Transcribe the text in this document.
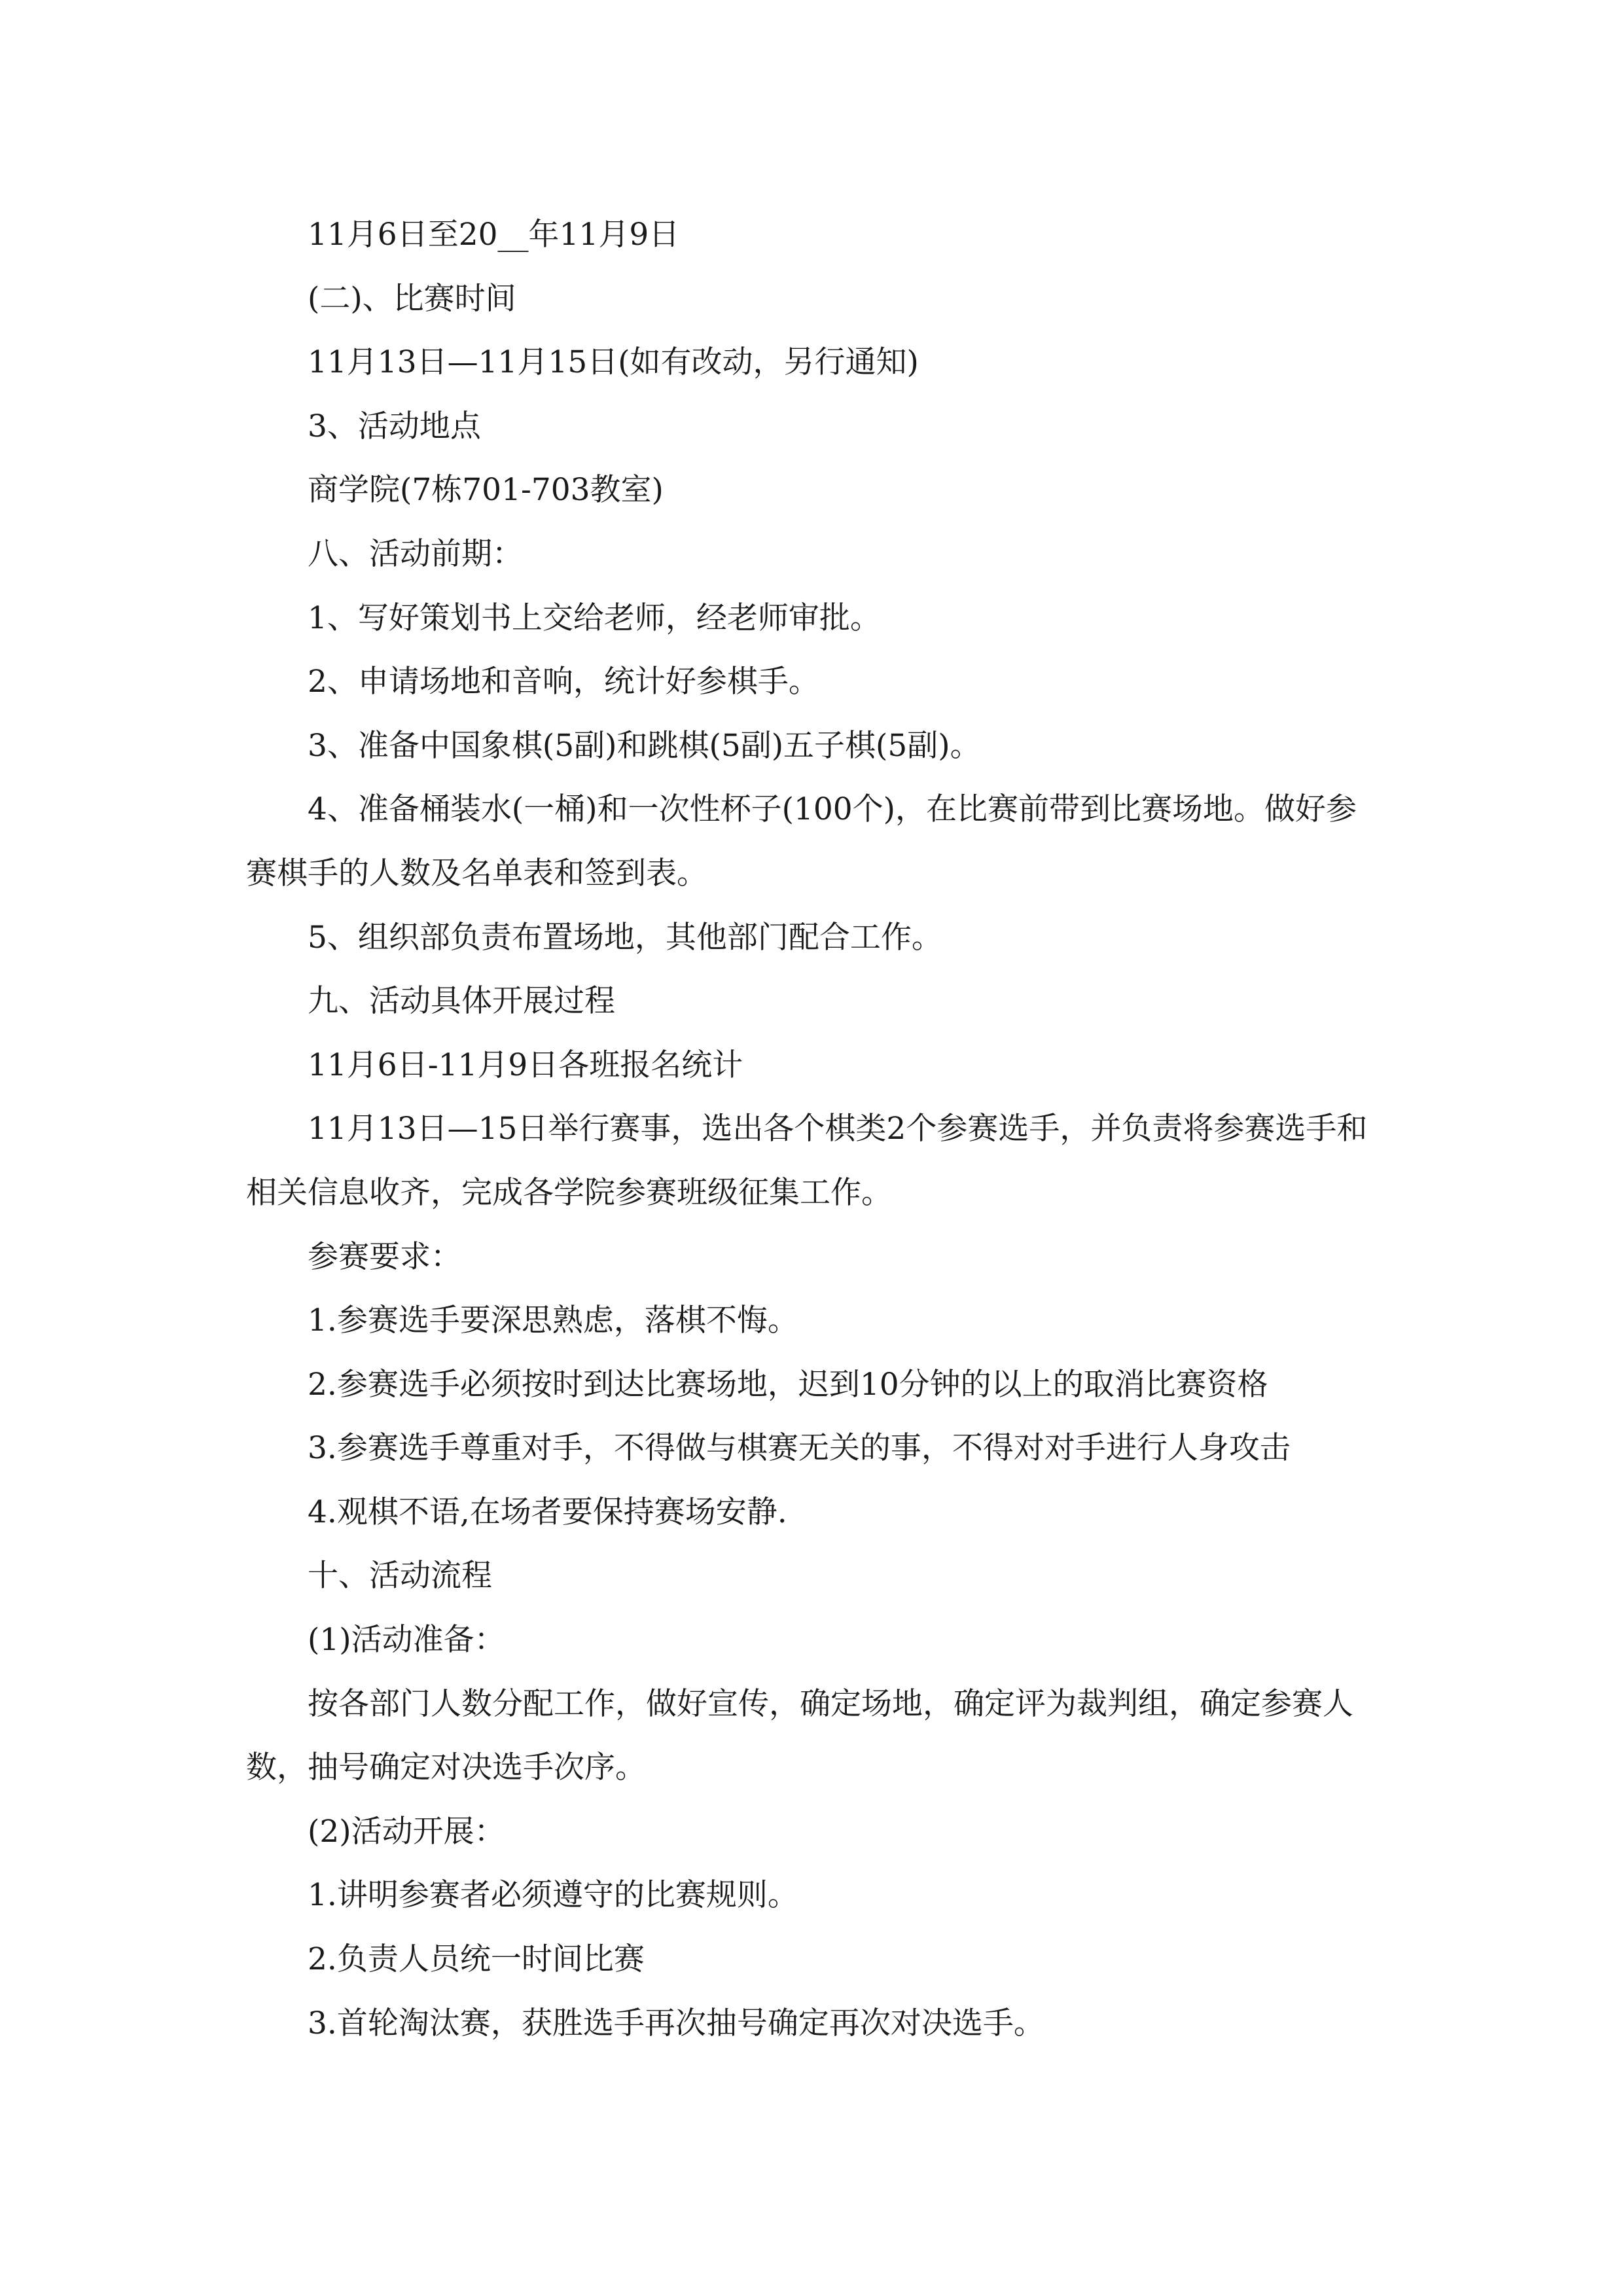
11月6日至20__年11月9日

(二)、比赛时间

11月13日—11月15日(如有改动，另行通知)

3、活动地点

商学院(7栋701-703教室)

八、活动前期：

1、写好策划书上交给老师，经老师审批。

2、申请场地和音响，统计好参棋手。

3、准备中国象棋(5副)和跳棋(5副)五子棋(5副)。

4、准备桶装水(一桶)和一次性杯子(100个)，在比赛前带到比赛场地。做好参赛棋手的人数及名单表和签到表。

5、组织部负责布置场地，其他部门配合工作。

九、活动具体开展过程

11月6日-11月9日各班报名统计

11月13日—15日举行赛事，选出各个棋类2个参赛选手，并负责将参赛选手和相关信息收齐，完成各学院参赛班级征集工作。

参赛要求：

1.参赛选手要深思熟虑，落棋不悔。

2.参赛选手必须按时到达比赛场地，迟到10分钟的以上的取消比赛资格

3.参赛选手尊重对手，不得做与棋赛无关的事，不得对对手进行人身攻击

4.观棋不语,在场者要保持赛场安静.

十、活动流程

(1)活动准备：

按各部门人数分配工作，做好宣传，确定场地，确定评为裁判组，确定参赛人数，抽号确定对决选手次序。

(2)活动开展：

1.讲明参赛者必须遵守的比赛规则。

2.负责人员统一时间比赛

3.首轮淘汰赛，获胜选手再次抽号确定再次对决选手。
